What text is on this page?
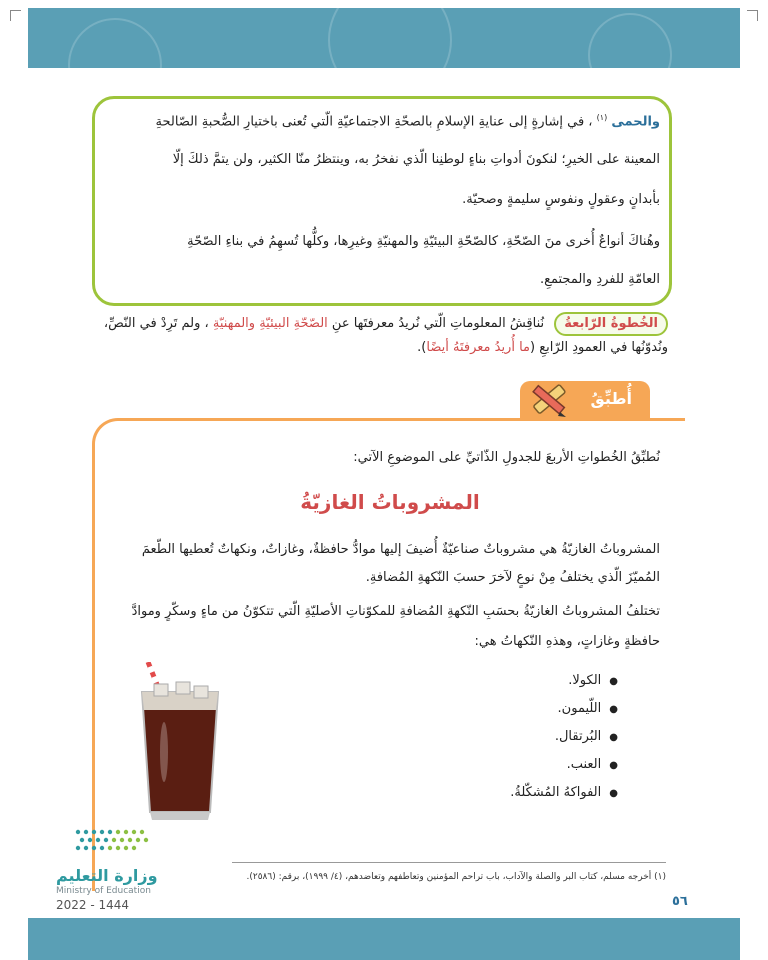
والحمى $^{(١)}$ ، في إشارةٍ إلى عنايةِ الإسلامِ بالصحّةِ الاجتماعيّةِ الّتي تُعنى باختيارِ الصُّحبةِ الصّالحةِ
المعينة على الخيرِ؛ لنكونَ أدواتِ بناءٍ لوطنِنا الّذي نفخرُ به، وينتظرُ منّا الكثير، ولن يتمَّ ذلكَ إلّا
بأبدانٍ وعقولٍ ونفوسٍ سليمةٍ وصحيّة.
وهُناكَ أنواعٌ أُخرى منَ الصّحّةِ، كالصّحّةِ البيئيّةِ والمهنيّةِ وغيرِها، وكلُّها تُسهِمُ في بناءِ الصّحّةِ
العامّةِ للفردِ والمجتمعِ.
الخُطوةُ الرّابعةُ نُناقِشُ المعلوماتِ الّتي نُريدُ معرفتَها عنِ الصّحّةِ البيئيّةِ والمهنيّةِ ، ولم تَرِدْ في النّصِّ،
ونُدوّنُها في العمودِ الرّابعِ (ما أُريدُ معرفتَهُ أيضًا).
أُطبِّقُ
نُطبِّقُ الخُطواتِ الأربعَ للجدولِ الذّاتيِّ على الموضوعِ الآتي:
المشروباتُ الغازيّةُ
المشروباتُ الغازيّةُ هي مشروباتٌ صناعيّةٌ أُضيفَ إليها موادُّ حافظةٌ، وغازاتٌ، ونكهاتٌ تُعطيها الطّعمَ
المُميّزَ الّذي يختلفُ مِنْ نوعٍ لآخرَ حسبَ النّكهةِ المُضافةِ.
تختلفُ المشروباتُ الغازيّةُ بحسَبِ النّكهةِ المُضافةِ للمكوّناتِ الأصليّةِ الّتي تتكوّنُ من ماءٍ وسكّرٍ وموادَّ
حافظةٍ وغازاتٍ، وهذهِ النّكهاتُ هي:
● الكولا.
● اللّيمون.
● البُرتقال.
● العنب.
● الفواكهُ المُشكّلةُ.
وزارة التعليم
Ministry of Education
2022 - 1444
(١) أخرجه مسلم، كتاب البر والصلة والآداب، باب تراحم المؤمنين وتعاطفهم وتعاضدهم، (٤/ ١٩٩٩)، برقم: (٢٥٨٦).
٥٦
